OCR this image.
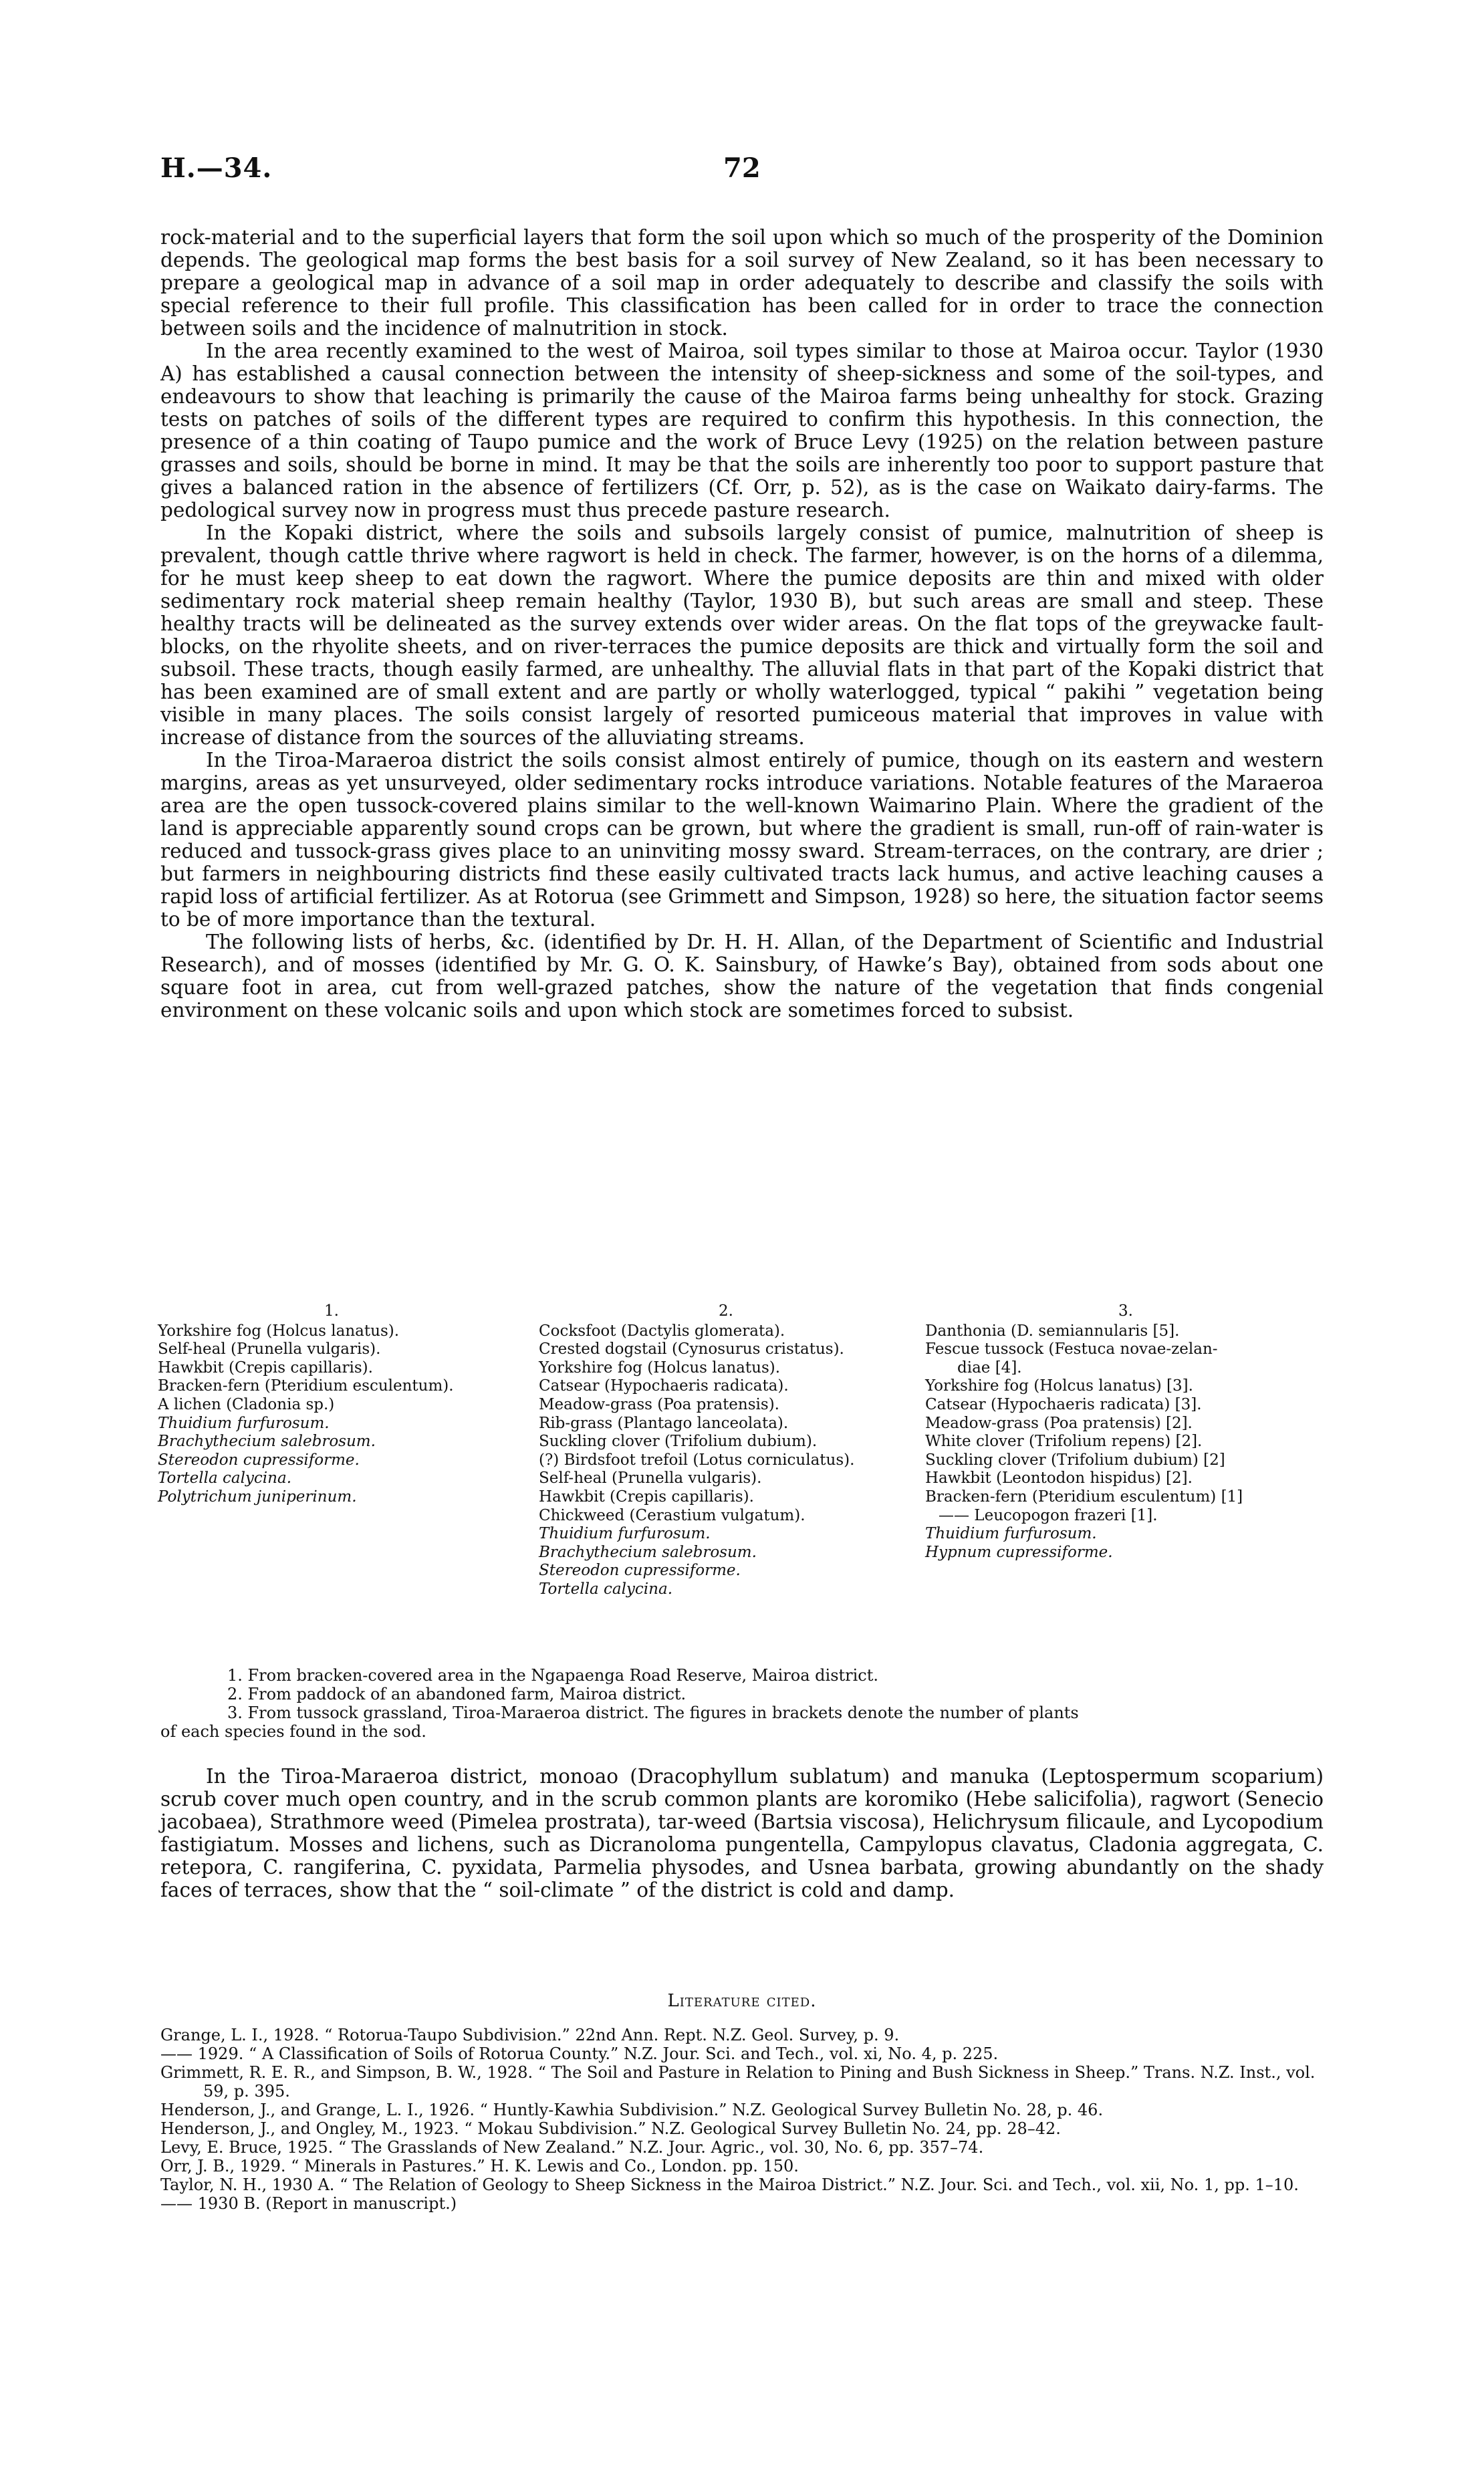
H.—34.	72

rock-material and to the superficial layers that form the soil upon which so much of the prosperity of the Dominion depends. The geological map forms the best basis for a soil survey of New Zealand, so it has been necessary to prepare a geological map in advance of a soil map in order adequately to describe and classify the soils with special reference to their full profile. This classification has been called for in order to trace the connection between soils and the incidence of malnutrition in stock.

In the area recently examined to the west of Mairoa, soil types similar to those at Mairoa occur. Taylor (1930 A) has established a causal connection between the intensity of sheep-sickness and some of the soil-types, and endeavours to show that leaching is primarily the cause of the Mairoa farms being unhealthy for stock. Grazing tests on patches of soils of the different types are required to confirm this hypothesis. In this connection, the presence of a thin coating of Taupo pumice and the work of Bruce Levy (1925) on the relation between pasture grasses and soils, should be borne in mind. It may be that the soils are inherently too poor to support pasture that gives a balanced ration in the absence of fertilizers (Cf. Orr, p. 52), as is the case on Waikato dairy-farms. The pedological survey now in progress must thus precede pasture research.

In the Kopaki district, where the soils and subsoils largely consist of pumice, malnutrition of sheep is prevalent, though cattle thrive where ragwort is held in check. The farmer, however, is on the horns of a dilemma, for he must keep sheep to eat down the ragwort. Where the pumice deposits are thin and mixed with older sedimentary rock material sheep remain healthy (Taylor, 1930 B), but such areas are small and steep. These healthy tracts will be delineated as the survey extends over wider areas. On the flat tops of the greywacke fault-blocks, on the rhyolite sheets, and on river-terraces the pumice deposits are thick and virtually form the soil and subsoil. These tracts, though easily farmed, are unhealthy. The alluvial flats in that part of the Kopaki district that has been examined are of small extent and are partly or wholly waterlogged, typical “ pakihi ” vegetation being visible in many places. The soils consist largely of resorted pumiceous material that improves in value with increase of distance from the sources of the alluviating streams.

In the Tiroa-Maraeroa district the soils consist almost entirely of pumice, though on its eastern and western margins, areas as yet unsurveyed, older sedimentary rocks introduce variations. Notable features of the Maraeroa area are the open tussock-covered plains similar to the well-known Waimarino Plain. Where the gradient of the land is appreciable apparently sound crops can be grown, but where the gradient is small, run-off of rain-water is reduced and tussock-grass gives place to an uninviting mossy sward. Stream-terraces, on the contrary, are drier ; but farmers in neighbouring districts find these easily cultivated tracts lack humus, and active leaching causes a rapid loss of artificial fertilizer. As at Rotorua (see Grimmett and Simpson, 1928) so here, the situation factor seems to be of more importance than the textural.

The following lists of herbs, &c. (identified by Dr. H. H. Allan, of the Department of Scientific and Industrial Research), and of mosses (identified by Mr. G. O. K. Sainsbury, of Hawke’s Bay), obtained from sods about one square foot in area, cut from well-grazed patches, show the nature of the vegetation that finds congenial environment on these volcanic soils and upon which stock are sometimes forced to subsist.

1.
Yorkshire fog (Holcus lanatus).
Self-heal (Prunella vulgaris).
Hawkbit (Crepis capillaris).
Bracken-fern (Pteridium esculentum).
A lichen (Cladonia sp.)
Thuidium furfurosum.
Brachythecium salebrosum.
Stereodon cupressiforme.
Tortella calycina.
Polytrichum juniperinum.
2.
Cocksfoot (Dactylis glomerata).
Crested dogstail (Cynosurus cristatus).
Yorkshire fog (Holcus lanatus).
Catsear (Hypochaeris radicata).
Meadow-grass (Poa pratensis).
Rib-grass (Plantago lanceolata).
Suckling clover (Trifolium dubium).
(?) Birdsfoot trefoil (Lotus corniculatus).
Self-heal (Prunella vulgaris).
Hawkbit (Crepis capillaris).
Chickweed (Cerastium vulgatum).
Thuidium furfurosum.
Brachythecium salebrosum.
Stereodon cupressiforme.
Tortella calycina.
3.
Danthonia (D. semiannularis [5].
Fescue tussock (Festuca novae-zelan-
diae [4].
Yorkshire fog (Holcus lanatus) [3].
Catsear (Hypochaeris radicata) [3].
Meadow-grass (Poa pratensis) [2].
White clover (Trifolium repens) [2].
Suckling clover (Trifolium dubium) [2]
Hawkbit (Leontodon hispidus) [2].
Bracken-fern (Pteridium esculentum) [1]
—— Leucopogon frazeri [1].
Thuidium furfurosum.
Hypnum cupressiforme.
1. From bracken-covered area in the Ngapaenga Road Reserve, Mairoa district.
2. From paddock of an abandoned farm, Mairoa district.
3. From tussock grassland, Tiroa-Maraeroa district. The figures in brackets denote the number of plants
of each species found in the sod.

In the Tiroa-Maraeroa district, monoao (Dracophyllum sublatum) and manuka (Leptospermum scoparium) scrub cover much open country, and in the scrub common plants are koromiko (Hebe salicifolia), ragwort (Senecio jacobaea), Strathmore weed (Pimelea prostrata), tar-weed (Bartsia viscosa), Helichrysum filicaule, and Lycopodium fastigiatum. Mosses and lichens, such as Dicranoloma pungentella, Campylopus clavatus, Cladonia aggregata, C. retepora, C. rangiferina, C. pyxidata, Parmelia physodes, and Usnea barbata, growing abundantly on the shady faces of terraces, show that the “ soil-climate ” of the district is cold and damp.

Literature cited.
Grange, L. I., 1928. “ Rotorua-Taupo Subdivision.” 22nd Ann. Rept. N.Z. Geol. Survey, p. 9.
—— 1929. “ A Classification of Soils of Rotorua County.” N.Z. Jour. Sci. and Tech., vol. xi, No. 4, p. 225.
Grimmett, R. E. R., and Simpson, B. W., 1928. “ The Soil and Pasture in Relation to Pining and Bush Sickness in Sheep.” Trans. N.Z. Inst., vol. 59, p. 395.
Henderson, J., and Grange, L. I., 1926. “ Huntly-Kawhia Subdivision.” N.Z. Geological Survey Bulletin No. 28, p. 46.
Henderson, J., and Ongley, M., 1923. “ Mokau Subdivision.” N.Z. Geological Survey Bulletin No. 24, pp. 28–42.
Levy, E. Bruce, 1925. “ The Grasslands of New Zealand.” N.Z. Jour. Agric., vol. 30, No. 6, pp. 357–74.
Orr, J. B., 1929. “ Minerals in Pastures.” H. K. Lewis and Co., London. pp. 150.
Taylor, N. H., 1930 A. “ The Relation of Geology to Sheep Sickness in the Mairoa District.” N.Z. Jour. Sci. and Tech., vol. xii, No. 1, pp. 1–10.
—— 1930 B. (Report in manuscript.)
